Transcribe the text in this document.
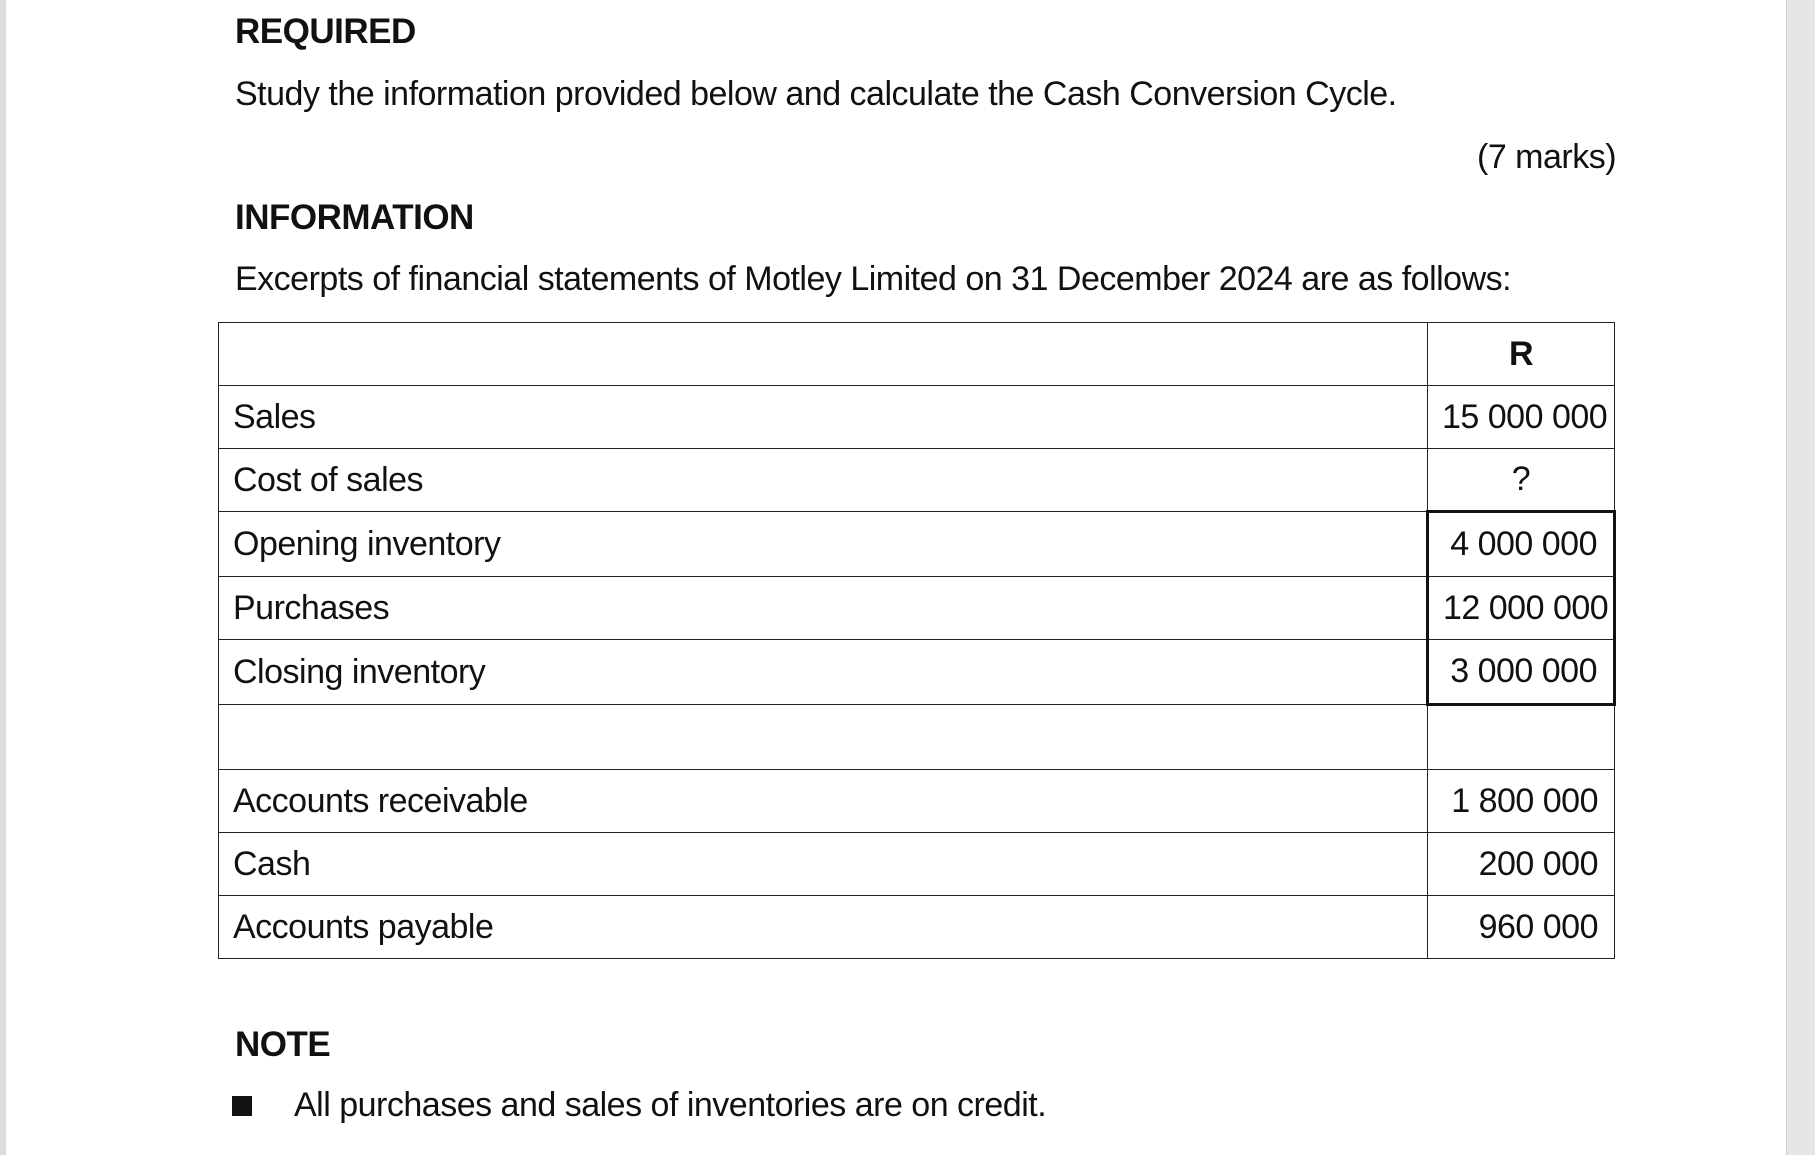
REQUIRED
Study the information provided below and calculate the Cash Conversion Cycle.
(7 marks)
INFORMATION
Excerpts of financial statements of Motley Limited on 31 December 2024 are as follows:
	R
Sales	15 000 000
Cost of sales	?
Opening inventory	4 000 000
Purchases	12 000 000
Closing inventory	3 000 000

Accounts receivable	1 800 000
Cash	200 000
Accounts payable	960 000
NOTE
All purchases and sales of inventories are on credit.
